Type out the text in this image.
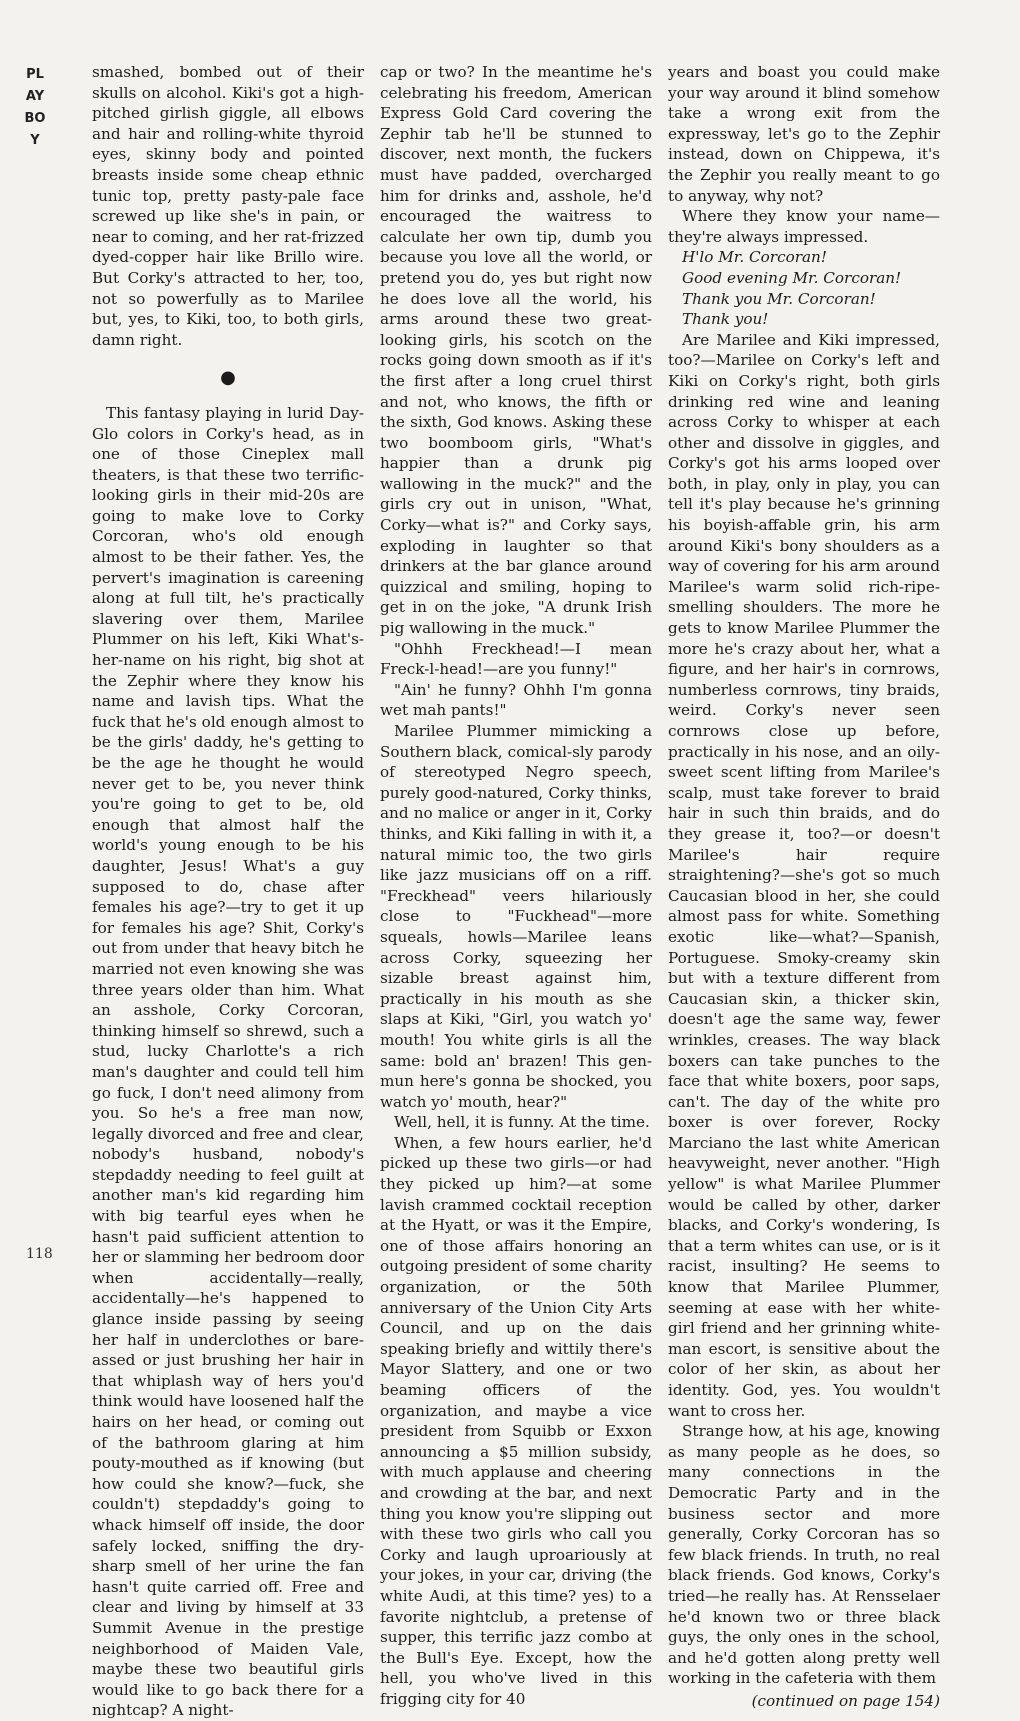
PLAYBOY
118

smashed, bombed out of their skulls on alcohol. Kiki's got a high-pitched girlish giggle, all elbows and hair and rolling-white thyroid eyes, skinny body and pointed breasts inside some cheap ethnic tunic top, pretty pasty-pale face screwed up like she's in pain, or near to coming, and her rat-frizzed dyed-copper hair like Brillo wire. But Corky's attracted to her, too, not so powerfully as to Marilee but, yes, to Kiki, too, to both girls, damn right.

●

This fantasy playing in lurid Day-Glo colors in Corky's head, as in one of those Cineplex mall theaters, is that these two terrific-looking girls in their mid-20s are going to make love to Corky Corcoran, who's old enough almost to be their father. Yes, the pervert's imagination is careening along at full tilt, he's practically slavering over them, Marilee Plummer on his left, Kiki What's-her-name on his right, big shot at the Zephir where they know his name and lavish tips. What the fuck that he's old enough almost to be the girls' daddy, he's getting to be the age he thought he would never get to be, you never think you're going to get to be, old enough that almost half the world's young enough to be his daughter, Jesus! What's a guy supposed to do, chase after females his age?—try to get it up for females his age? Shit, Corky's out from under that heavy bitch he married not even knowing she was three years older than him. What an asshole, Corky Corcoran, thinking himself so shrewd, such a stud, lucky Charlotte's a rich man's daughter and could tell him go fuck, I don't need alimony from you. So he's a free man now, legally divorced and free and clear, nobody's husband, nobody's stepdaddy needing to feel guilt at another man's kid regarding him with big tearful eyes when he hasn't paid sufficient attention to her or slamming her bedroom door when accidentally—really, accidentally—he's happened to glance inside passing by seeing her half in underclothes or bare-assed or just brushing her hair in that whiplash way of hers you'd think would have loosened half the hairs on her head, or coming out of the bathroom glaring at him pouty-mouthed as if knowing (but how could she know?—fuck, she couldn't) stepdaddy's going to whack himself off inside, the door safely locked, sniffing the dry-sharp smell of her urine the fan hasn't quite carried off. Free and clear and living by himself at 33 Summit Avenue in the prestige neighborhood of Maiden Vale, maybe these two beautiful girls would like to go back there for a nightcap? A night-

cap or two? In the meantime he's celebrating his freedom, American Express Gold Card covering the Zephir tab he'll be stunned to discover, next month, the fuckers must have padded, overcharged him for drinks and, asshole, he'd encouraged the waitress to calculate her own tip, dumb you because you love all the world, or pretend you do, yes but right now he does love all the world, his arms around these two great-looking girls, his scotch on the rocks going down smooth as if it's the first after a long cruel thirst and not, who knows, the fifth or the sixth, God knows. Asking these two boomboom girls, "What's happier than a drunk pig wallowing in the muck?" and the girls cry out in unison, "What, Corky—what is?" and Corky says, exploding in laughter so that drinkers at the bar glance around quizzical and smiling, hoping to get in on the joke, "A drunk Irish pig wallowing in the muck."

"Ohhh Freckhead!—I mean Freck-l-head!—are you funny!"

"Ain' he funny? Ohhh I'm gonna wet mah pants!"

Marilee Plummer mimicking a Southern black, comical-sly parody of stereotyped Negro speech, purely good-natured, Corky thinks, and no malice or anger in it, Corky thinks, and Kiki falling in with it, a natural mimic too, the two girls like jazz musicians off on a riff. "Freckhead" veers hilariously close to "Fuckhead"—more squeals, howls—Marilee leans across Corky, squeezing her sizable breast against him, practically in his mouth as she slaps at Kiki, "Girl, you watch yo' mouth! You white girls is all the same: bold an' brazen! This gen-mun here's gonna be shocked, you watch yo' mouth, hear?"

Well, hell, it is funny. At the time.

When, a few hours earlier, he'd picked up these two girls—or had they picked up him?—at some lavish crammed cocktail reception at the Hyatt, or was it the Empire, one of those affairs honoring an outgoing president of some charity organization, or the 50th anniversary of the Union City Arts Council, and up on the dais speaking briefly and wittily there's Mayor Slattery, and one or two beaming officers of the organization, and maybe a vice president from Squibb or Exxon announcing a $5 million subsidy, with much applause and cheering and crowding at the bar, and next thing you know you're slipping out with these two girls who call you Corky and laugh uproariously at your jokes, in your car, driving (the white Audi, at this time? yes) to a favorite nightclub, a pretense of supper, this terrific jazz combo at the Bull's Eye. Except, how the hell, you who've lived in this frigging city for 40

years and boast you could make your way around it blind somehow take a wrong exit from the expressway, let's go to the Zephir instead, down on Chippewa, it's the Zephir you really meant to go to anyway, why not?

Where they know your name—they're always impressed.

H'lo Mr. Corcoran!

Good evening Mr. Corcoran!

Thank you Mr. Corcoran!

Thank you!

Are Marilee and Kiki impressed, too?—Marilee on Corky's left and Kiki on Corky's right, both girls drinking red wine and leaning across Corky to whisper at each other and dissolve in giggles, and Corky's got his arms looped over both, in play, only in play, you can tell it's play because he's grinning his boyish-affable grin, his arm around Kiki's bony shoulders as a way of covering for his arm around Marilee's warm solid rich-ripe-smelling shoulders. The more he gets to know Marilee Plummer the more he's crazy about her, what a figure, and her hair's in cornrows, numberless cornrows, tiny braids, weird. Corky's never seen cornrows close up before, practically in his nose, and an oily-sweet scent lifting from Marilee's scalp, must take forever to braid hair in such thin braids, and do they grease it, too?—or doesn't Marilee's hair require straightening?—she's got so much Caucasian blood in her, she could almost pass for white. Something exotic like—what?—Spanish, Portuguese. Smoky-creamy skin but with a texture different from Caucasian skin, a thicker skin, doesn't age the same way, fewer wrinkles, creases. The way black boxers can take punches to the face that white boxers, poor saps, can't. The day of the white pro boxer is over forever, Rocky Marciano the last white American heavyweight, never another. "High yellow" is what Marilee Plummer would be called by other, darker blacks, and Corky's wondering, Is that a term whites can use, or is it racist, insulting? He seems to know that Marilee Plummer, seeming at ease with her white-girl friend and her grinning white-man escort, is sensitive about the color of her skin, as about her identity. God, yes. You wouldn't want to cross her.

Strange how, at his age, knowing as many people as he does, so many connections in the Democratic Party and in the business sector and more generally, Corky Corcoran has so few black friends. In truth, no real black friends. God knows, Corky's tried—he really has. At Rensselaer he'd known two or three black guys, the only ones in the school, and he'd gotten along pretty well working in the cafeteria with them

(continued on page 154)
